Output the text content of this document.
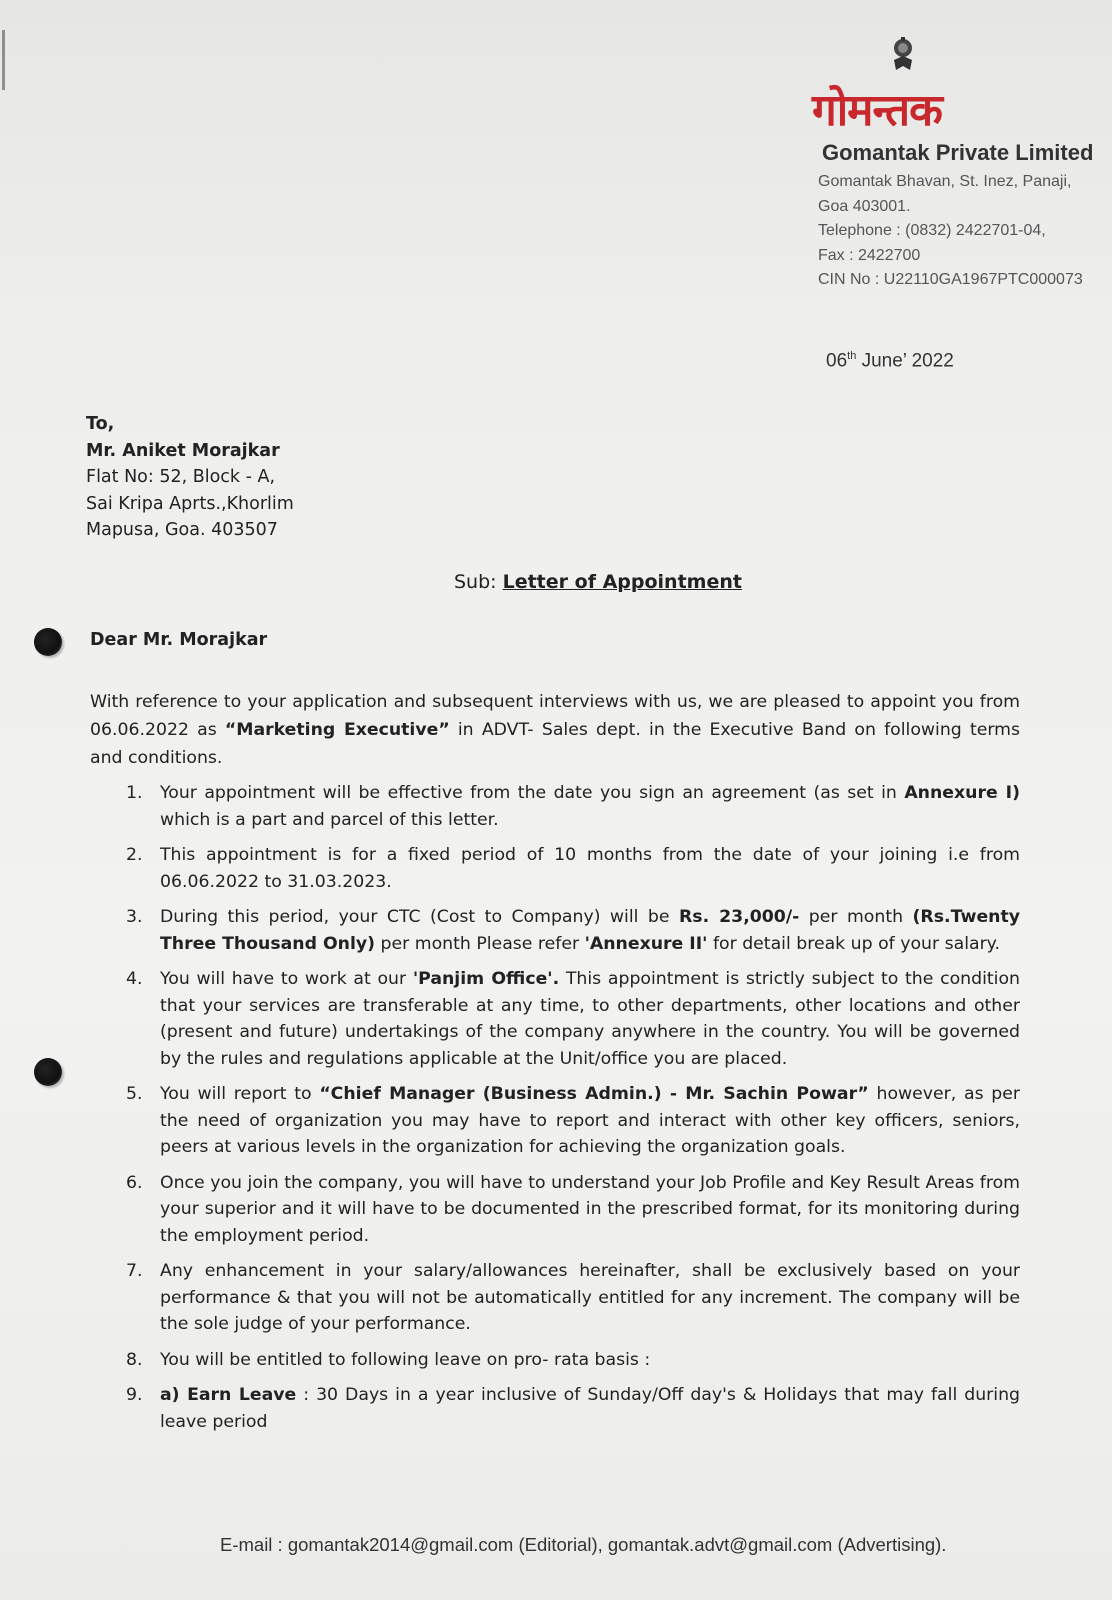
गोमन्तक
Gomantak Private Limited
Gomantak Bhavan, St. Inez, Panaji,
Goa 403001.
Telephone : (0832) 2422701-04,
Fax : 2422700
CIN No : U22110GA1967PTC000073
06th June’ 2022
To,
Mr. Aniket Morajkar
Flat No: 52, Block - A,
Sai Kripa Aprts.,Khorlim
Mapusa, Goa. 403507
Sub: Letter of Appointment
Dear Mr. Morajkar
With reference to your application and subsequent interviews with us, we are pleased to appoint you from 06.06.2022 as “Marketing Executive” in ADVT- Sales dept. in the Executive Band on following terms and conditions.
1. Your appointment will be effective from the date you sign an agreement (as set in Annexure I) which is a part and parcel of this letter.
2. This appointment is for a fixed period of 10 months from the date of your joining i.e from 06.06.2022 to 31.03.2023.
3. During this period, your CTC (Cost to Company) will be Rs. 23,000/- per month (Rs.Twenty Three Thousand Only) per month Please refer 'Annexure II' for detail break up of your salary.
4. You will have to work at our 'Panjim Office'. This appointment is strictly subject to the condition that your services are transferable at any time, to other departments, other locations and other (present and future) undertakings of the company anywhere in the country. You will be governed by the rules and regulations applicable at the Unit/office you are placed.
5. You will report to “Chief Manager (Business Admin.) - Mr. Sachin Powar” however, as per the need of organization you may have to report and interact with other key officers, seniors, peers at various levels in the organization for achieving the organization goals.
6. Once you join the company, you will have to understand your Job Profile and Key Result Areas from your superior and it will have to be documented in the prescribed format, for its monitoring during the employment period.
7. Any enhancement in your salary/allowances hereinafter, shall be exclusively based on your performance & that you will not be automatically entitled for any increment. The company will be the sole judge of your performance.
8. You will be entitled to following leave on pro- rata basis :
9. a) Earn Leave : 30 Days in a year inclusive of Sunday/Off day's & Holidays that may fall during leave period
E-mail : gomantak2014@gmail.com (Editorial), gomantak.advt@gmail.com (Advertising).
